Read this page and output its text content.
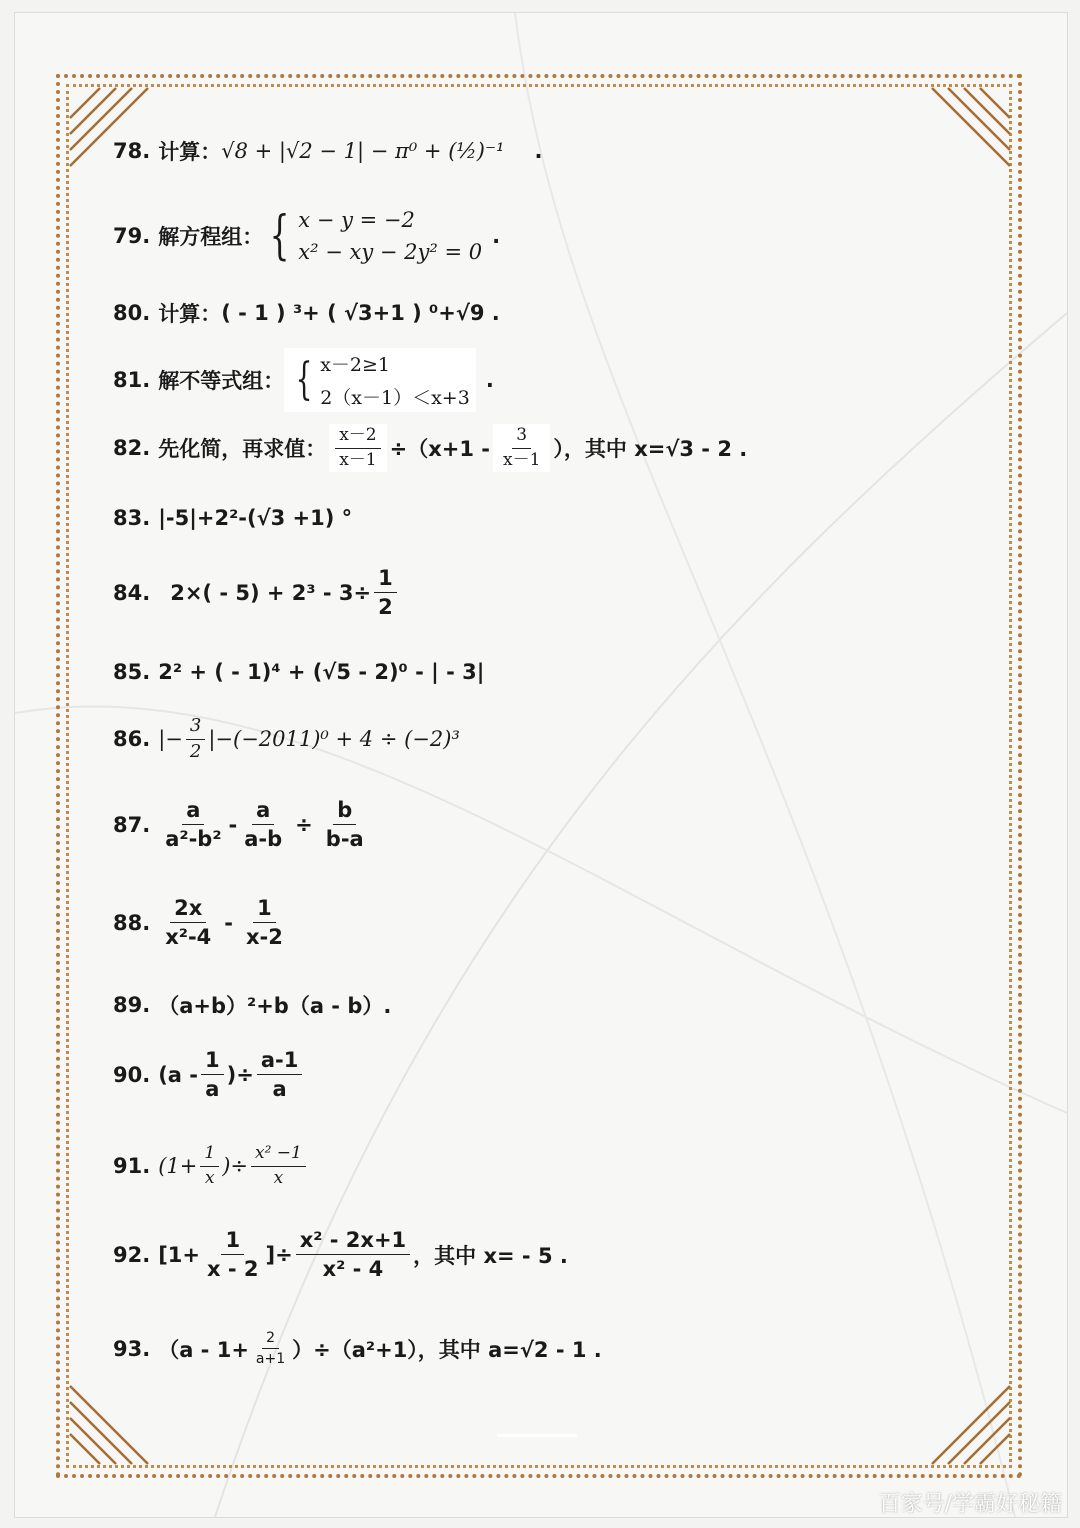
78. 计算： √8 + |√2 − 1| − π⁰ + (½)⁻¹ .
79. 解方程组： { x − y = −2
x² − xy − 2y² = 0
.
80. 计算： ( - 1 ) ³+ ( √3+1 ) ⁰+√9 .
81. 解不等式组： { x－2≥1
2（x－1）＜x+3
.
82. 先化简，再求值： $\frac{x-2}{x-1} \div(x+1 - \frac{3}{x-1}$ ），其中 x=√3 - 2 .
83. |-5|+2²-(√3 +1) °
84. $2\times( - 5) + 2^3 - 3\div \frac{1}{2}$
85. 2² + ( - 1)⁴ + (√5 - 2)⁰ - | - 3|
86. |− $\frac{3}{2} |-(-2011)^0 + 4 \div (-2)^3$
87. $\frac{a}{\text{a²-b²}} - \frac{a}{a-b} \div \frac{b}{b-a}$
88. $\frac{2x}{\text{x²-4}} - \frac{1}{x-2}$
89. （a+b）²+b（a - b）.
90. ($a - \frac{1}{a}$ )÷ $\frac{a-1}{a}$
91. ($1+ \frac{1}{x}$ )÷ $\frac{\text{x² −1}}{x}$
92. [$1+ \frac{1}{x - 2}$ ]÷ $\frac{\text{x² - 2x+1}}{\text{x² - 4}}$ ，其中 x= - 5 .
93. $(a - 1+ \frac{2}{a+1} )\div(a^2+1)$，其中 a=√2 - 1 .
百家号/学霸好秘籍
